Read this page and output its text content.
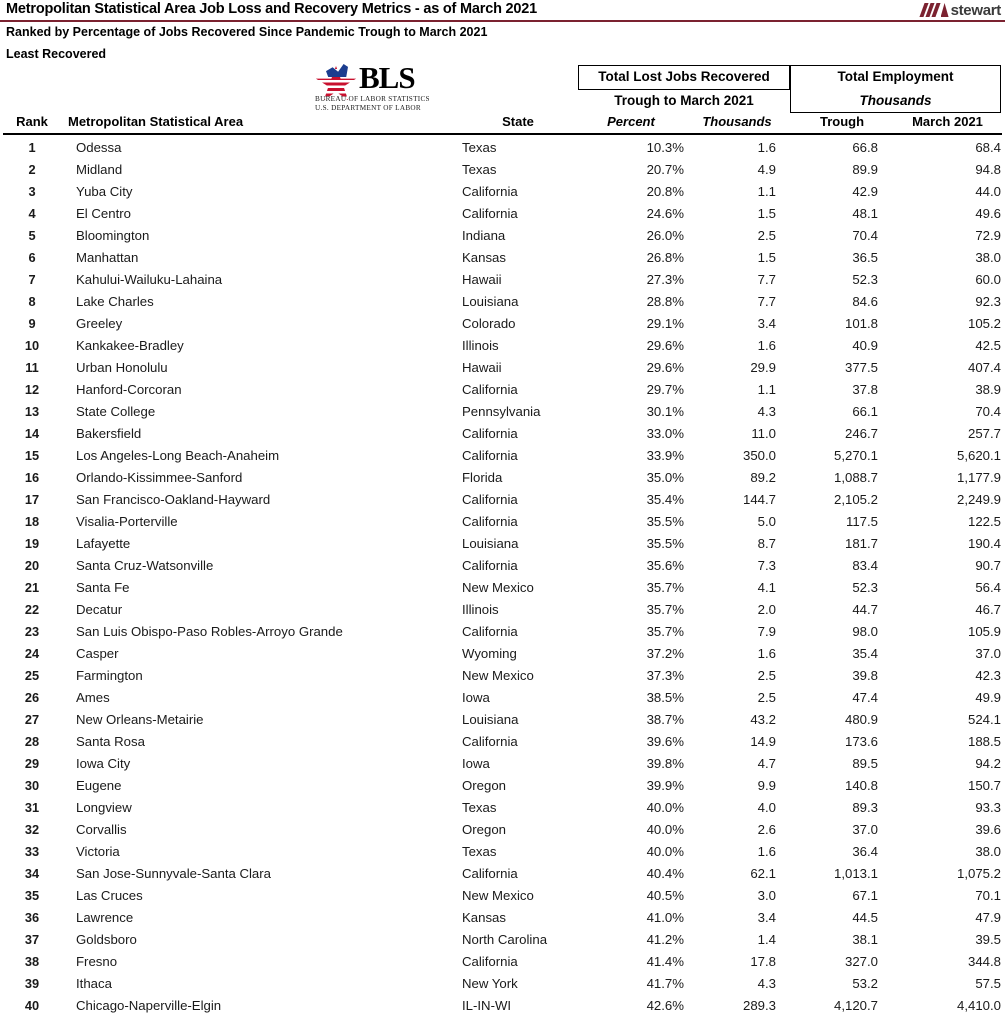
Metropolitan Statistical Area Job Loss and Recovery Metrics - as of March 2021	stewart
Ranked by Percentage of Jobs Recovered Since Pandemic Trough to March 2021
Least Recovered
BLS
BUREAU OF LABOR STATISTICS
U.S. DEPARTMENT OF LABOR
Total Lost Jobs Recovered
Trough to March 2021
Total Employment
Thousands
Rank	Metropolitan Statistical Area	State	Percent	Thousands	Trough	March 2021
1	Odessa	Texas	10.3%	1.6	66.8	68.4
2	Midland	Texas	20.7%	4.9	89.9	94.8
3	Yuba City	California	20.8%	1.1	42.9	44.0
4	El Centro	California	24.6%	1.5	48.1	49.6
5	Bloomington	Indiana	26.0%	2.5	70.4	72.9
6	Manhattan	Kansas	26.8%	1.5	36.5	38.0
7	Kahului-Wailuku-Lahaina	Hawaii	27.3%	7.7	52.3	60.0
8	Lake Charles	Louisiana	28.8%	7.7	84.6	92.3
9	Greeley	Colorado	29.1%	3.4	101.8	105.2
10	Kankakee-Bradley	Illinois	29.6%	1.6	40.9	42.5
11	Urban Honolulu	Hawaii	29.6%	29.9	377.5	407.4
12	Hanford-Corcoran	California	29.7%	1.1	37.8	38.9
13	State College	Pennsylvania	30.1%	4.3	66.1	70.4
14	Bakersfield	California	33.0%	11.0	246.7	257.7
15	Los Angeles-Long Beach-Anaheim	California	33.9%	350.0	5,270.1	5,620.1
16	Orlando-Kissimmee-Sanford	Florida	35.0%	89.2	1,088.7	1,177.9
17	San Francisco-Oakland-Hayward	California	35.4%	144.7	2,105.2	2,249.9
18	Visalia-Porterville	California	35.5%	5.0	117.5	122.5
19	Lafayette	Louisiana	35.5%	8.7	181.7	190.4
20	Santa Cruz-Watsonville	California	35.6%	7.3	83.4	90.7
21	Santa Fe	New Mexico	35.7%	4.1	52.3	56.4
22	Decatur	Illinois	35.7%	2.0	44.7	46.7
23	San Luis Obispo-Paso Robles-Arroyo Grande	California	35.7%	7.9	98.0	105.9
24	Casper	Wyoming	37.2%	1.6	35.4	37.0
25	Farmington	New Mexico	37.3%	2.5	39.8	42.3
26	Ames	Iowa	38.5%	2.5	47.4	49.9
27	New Orleans-Metairie	Louisiana	38.7%	43.2	480.9	524.1
28	Santa Rosa	California	39.6%	14.9	173.6	188.5
29	Iowa City	Iowa	39.8%	4.7	89.5	94.2
30	Eugene	Oregon	39.9%	9.9	140.8	150.7
31	Longview	Texas	40.0%	4.0	89.3	93.3
32	Corvallis	Oregon	40.0%	2.6	37.0	39.6
33	Victoria	Texas	40.0%	1.6	36.4	38.0
34	San Jose-Sunnyvale-Santa Clara	California	40.4%	62.1	1,013.1	1,075.2
35	Las Cruces	New Mexico	40.5%	3.0	67.1	70.1
36	Lawrence	Kansas	41.0%	3.4	44.5	47.9
37	Goldsboro	North Carolina	41.2%	1.4	38.1	39.5
38	Fresno	California	41.4%	17.8	327.0	344.8
39	Ithaca	New York	41.7%	4.3	53.2	57.5
40	Chicago-Naperville-Elgin	IL-IN-WI	42.6%	289.3	4,120.7	4,410.0
